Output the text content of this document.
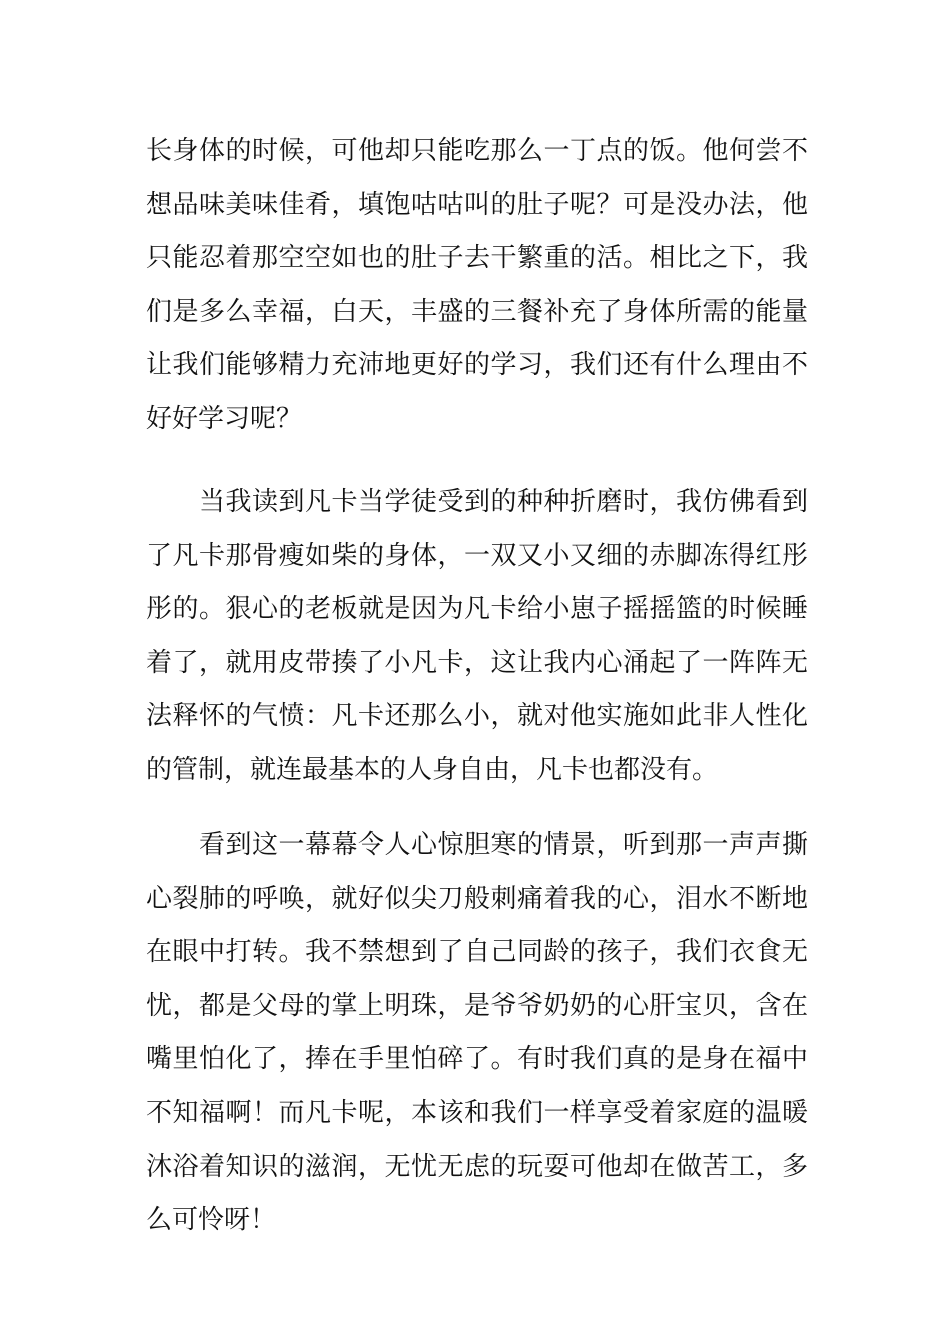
长身体的时候，可他却只能吃那么一丁点的饭。他何尝不
想品味美味佳肴，填饱咕咕叫的肚子呢？可是没办法，他
只能忍着那空空如也的肚子去干繁重的活。相比之下，我
们是多么幸福，白天，丰盛的三餐补充了身体所需的能量
让我们能够精力充沛地更好的学习，我们还有什么理由不
好好学习呢？
　　当我读到凡卡当学徒受到的种种折磨时，我仿佛看到
了凡卡那骨瘦如柴的身体，一双又小又细的赤脚冻得红彤
彤的。狠心的老板就是因为凡卡给小崽子摇摇篮的时候睡
着了，就用皮带揍了小凡卡，这让我内心涌起了一阵阵无
法释怀的气愤：凡卡还那么小，就对他实施如此非人性化
的管制，就连最基本的人身自由，凡卡也都没有。
　　看到这一幕幕令人心惊胆寒的情景，听到那一声声撕
心裂肺的呼唤，就好似尖刀般刺痛着我的心，泪水不断地
在眼中打转。我不禁想到了自己同龄的孩子，我们衣食无
忧，都是父母的掌上明珠，是爷爷奶奶的心肝宝贝，含在
嘴里怕化了，捧在手里怕碎了。有时我们真的是身在福中
不知福啊！而凡卡呢，本该和我们一样享受着家庭的温暖
沐浴着知识的滋润，无忧无虑的玩耍可他却在做苦工，多
么可怜呀！
